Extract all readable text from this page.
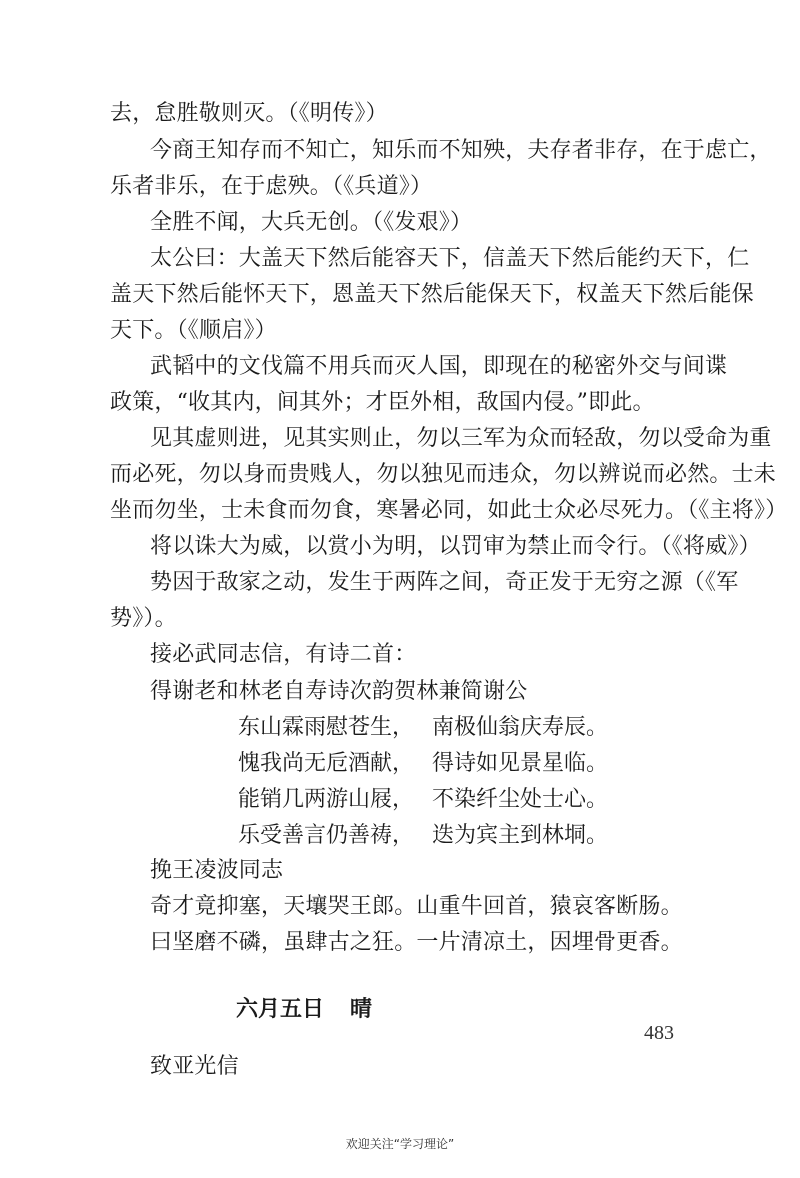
去，怠胜敬则灭。（《明传》）
今商王知存而不知亡，知乐而不知殃，夫存者非存，在于虑亡，
乐者非乐，在于虑殃。（《兵道》）
全胜不闻，大兵无创。（《发艰》）
太公曰：大盖天下然后能容天下，信盖天下然后能约天下，仁
盖天下然后能怀天下，恩盖天下然后能保天下，权盖天下然后能保
天下。（《顺启》）
武韬中的文伐篇不用兵而灭人国，即现在的秘密外交与间谍
政策，“收其内，间其外；才臣外相，敌国内侵。”即此。
见其虚则进，见其实则止，勿以三军为众而轻敌，勿以受命为重
而必死，勿以身而贵贱人，勿以独见而违众，勿以辨说而必然。士未
坐而勿坐，士未食而勿食，寒暑必同，如此士众必尽死力。（《主将》）
将以诛大为威，以赏小为明，以罚审为禁止而令行。（《将威》）
势因于敌家之动，发生于两阵之间，奇正发于无穷之源（《军
势》）。
接必武同志信，有诗二首：
得谢老和林老自寿诗次韵贺林兼简谢公
东山霖雨慰苍生， 南极仙翁庆寿辰。
愧我尚无卮酒献， 得诗如见景星临。
能销几两游山屐， 不染纤尘处士心。
乐受善言仍善祷， 迭为宾主到林垌。
挽王凌波同志
奇才竟抑塞，天壤哭王郎。山重牛回首，猿哀客断肠。
曰坚磨不磷，虽肆古之狂。一片清凉土，因埋骨更香。
六月五日 晴
致亚光信
483
欢迎关注“学习理论”
